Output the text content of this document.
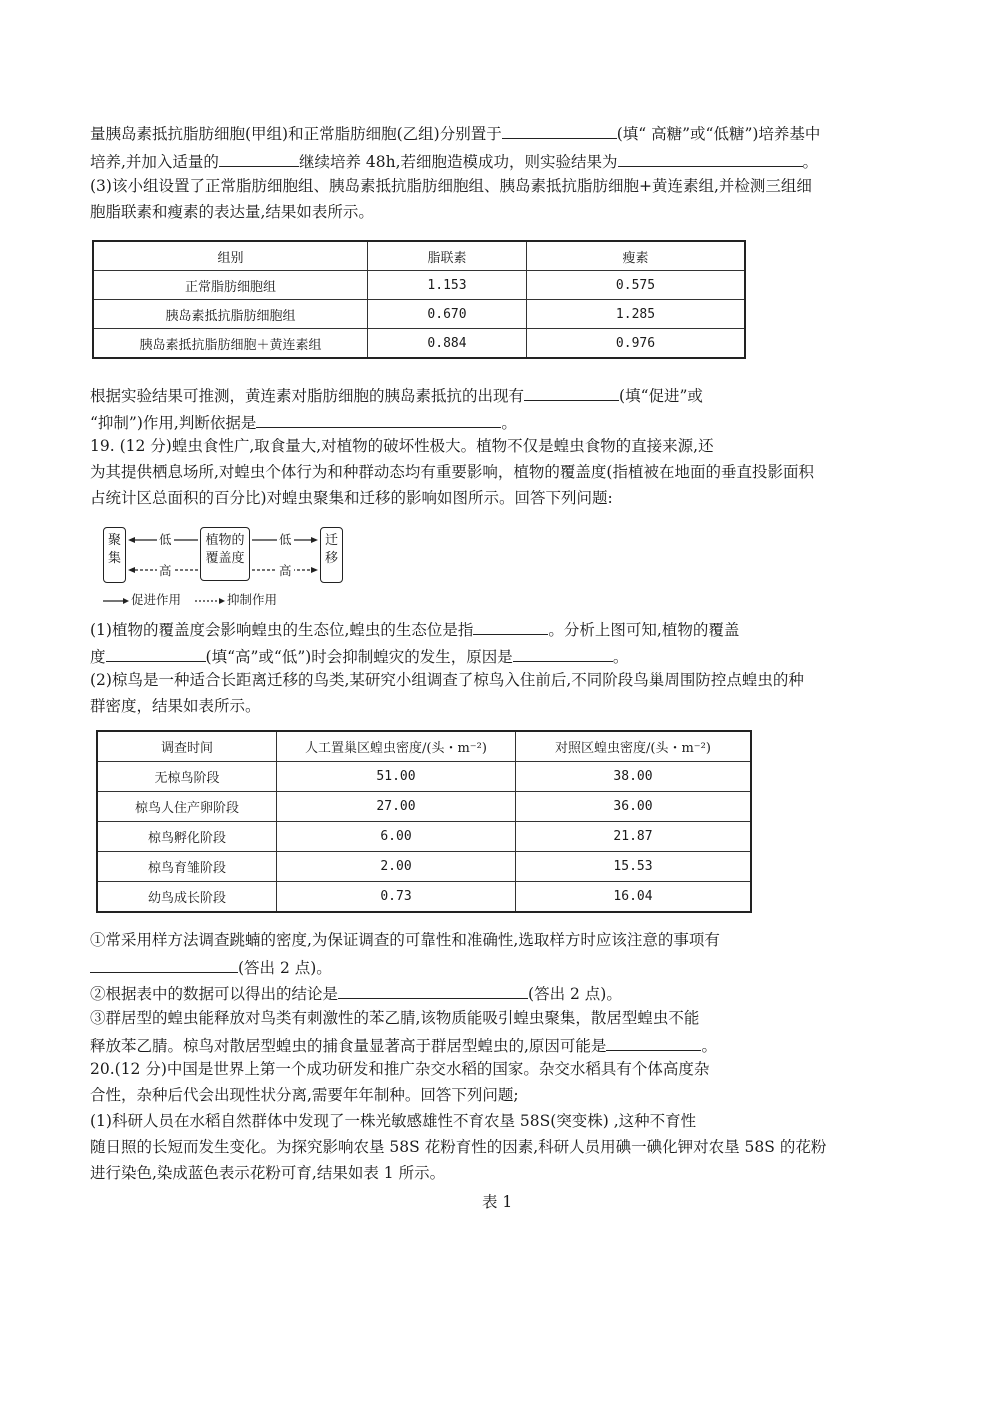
量胰岛素抵抗脂肪细胞(甲组)和正常脂肪细胞(乙组)分别置于	(填“ 高糖”或“低糖”)培养基中
培养,并加入适量的	继续培养 48h,若细胞造模成功，则实验结果为	。
(3)该小组设置了正常脂肪细胞组、胰岛素抵抗脂肪细胞组、胰岛素抵抗脂肪细胞+黄连素组,并检测三组细
胞脂联素和瘦素的表达量,结果如表所示。
组别	脂联素	瘦素
正常脂肪细胞组	1.153	0.575
胰岛素抵抗脂肪细胞组	0.670	1.285
胰岛素抵抗脂肪细胞＋黄连素组	0.884	0.976
根据实验结果可推测，黄连素对脂肪细胞的胰岛素抵抗的出现有	(填“促进”或
“抑制”)作用,判断依据是	。
19. (12 分)蝗虫食性广,取食量大,对植物的破坏性极大。植物不仅是蝗虫食物的直接来源,还
为其提供栖息场所,对蝗虫个体行为和种群动态均有重要影响，植物的覆盖度(指植被在地面的垂直投影面积
占统计区总面积的百分比)对蝗虫聚集和迁移的影响如图所示。回答下列问题:
聚
集
植物的
覆盖度
迁
移
低
高
低
高
促进作用	抑制作用
(1)植物的覆盖度会影响蝗虫的生态位,蝗虫的生态位是指	。分析上图可知,植物的覆盖
度	(填“高”或“低”)时会抑制蝗灾的发生，原因是	。
(2)椋鸟是一种适合长距离迁移的鸟类,某研究小组调查了椋鸟入住前后,不同阶段鸟巢周围防控点蝗虫的种
群密度，结果如表所示。
调查时间	人工置巢区蝗虫密度/(头・m⁻²)	对照区蝗虫密度/(头・m⁻²)
无椋鸟阶段	51.00	38.00
椋鸟人住产卵阶段	27.00	36.00
椋鸟孵化阶段	6.00	21.87
椋鸟育雏阶段	2.00	15.53
幼鸟成长阶段	0.73	16.04
①常采用样方法调查跳蝻的密度,为保证调查的可靠性和准确性,选取样方时应该注意的事项有
(答出 2 点)。
②根据表中的数据可以得出的结论是	(答出 2 点)。
③群居型的蝗虫能释放对鸟类有刺激性的苯乙腈,该物质能吸引蝗虫聚集，散居型蝗虫不能
释放苯乙腈。椋鸟对散居型蝗虫的捕食量显著高于群居型蝗虫的,原因可能是	。
20.(12 分)中国是世界上第一个成功研发和推广杂交水稻的国家。杂交水稻具有个体高度杂
合性，杂种后代会出现性状分离,需要年年制种。回答下列问题;
(1)科研人员在水稻自然群体中发现了一株光敏感雄性不育农垦 58S(突变株) ,这种不育性
随日照的长短而发生变化。为探究影响农垦 58S 花粉育性的因素,科研人员用碘一碘化钾对农垦 58S 的花粉
进行染色,染成蓝色表示花粉可育,结果如表 1 所示。
表 1
